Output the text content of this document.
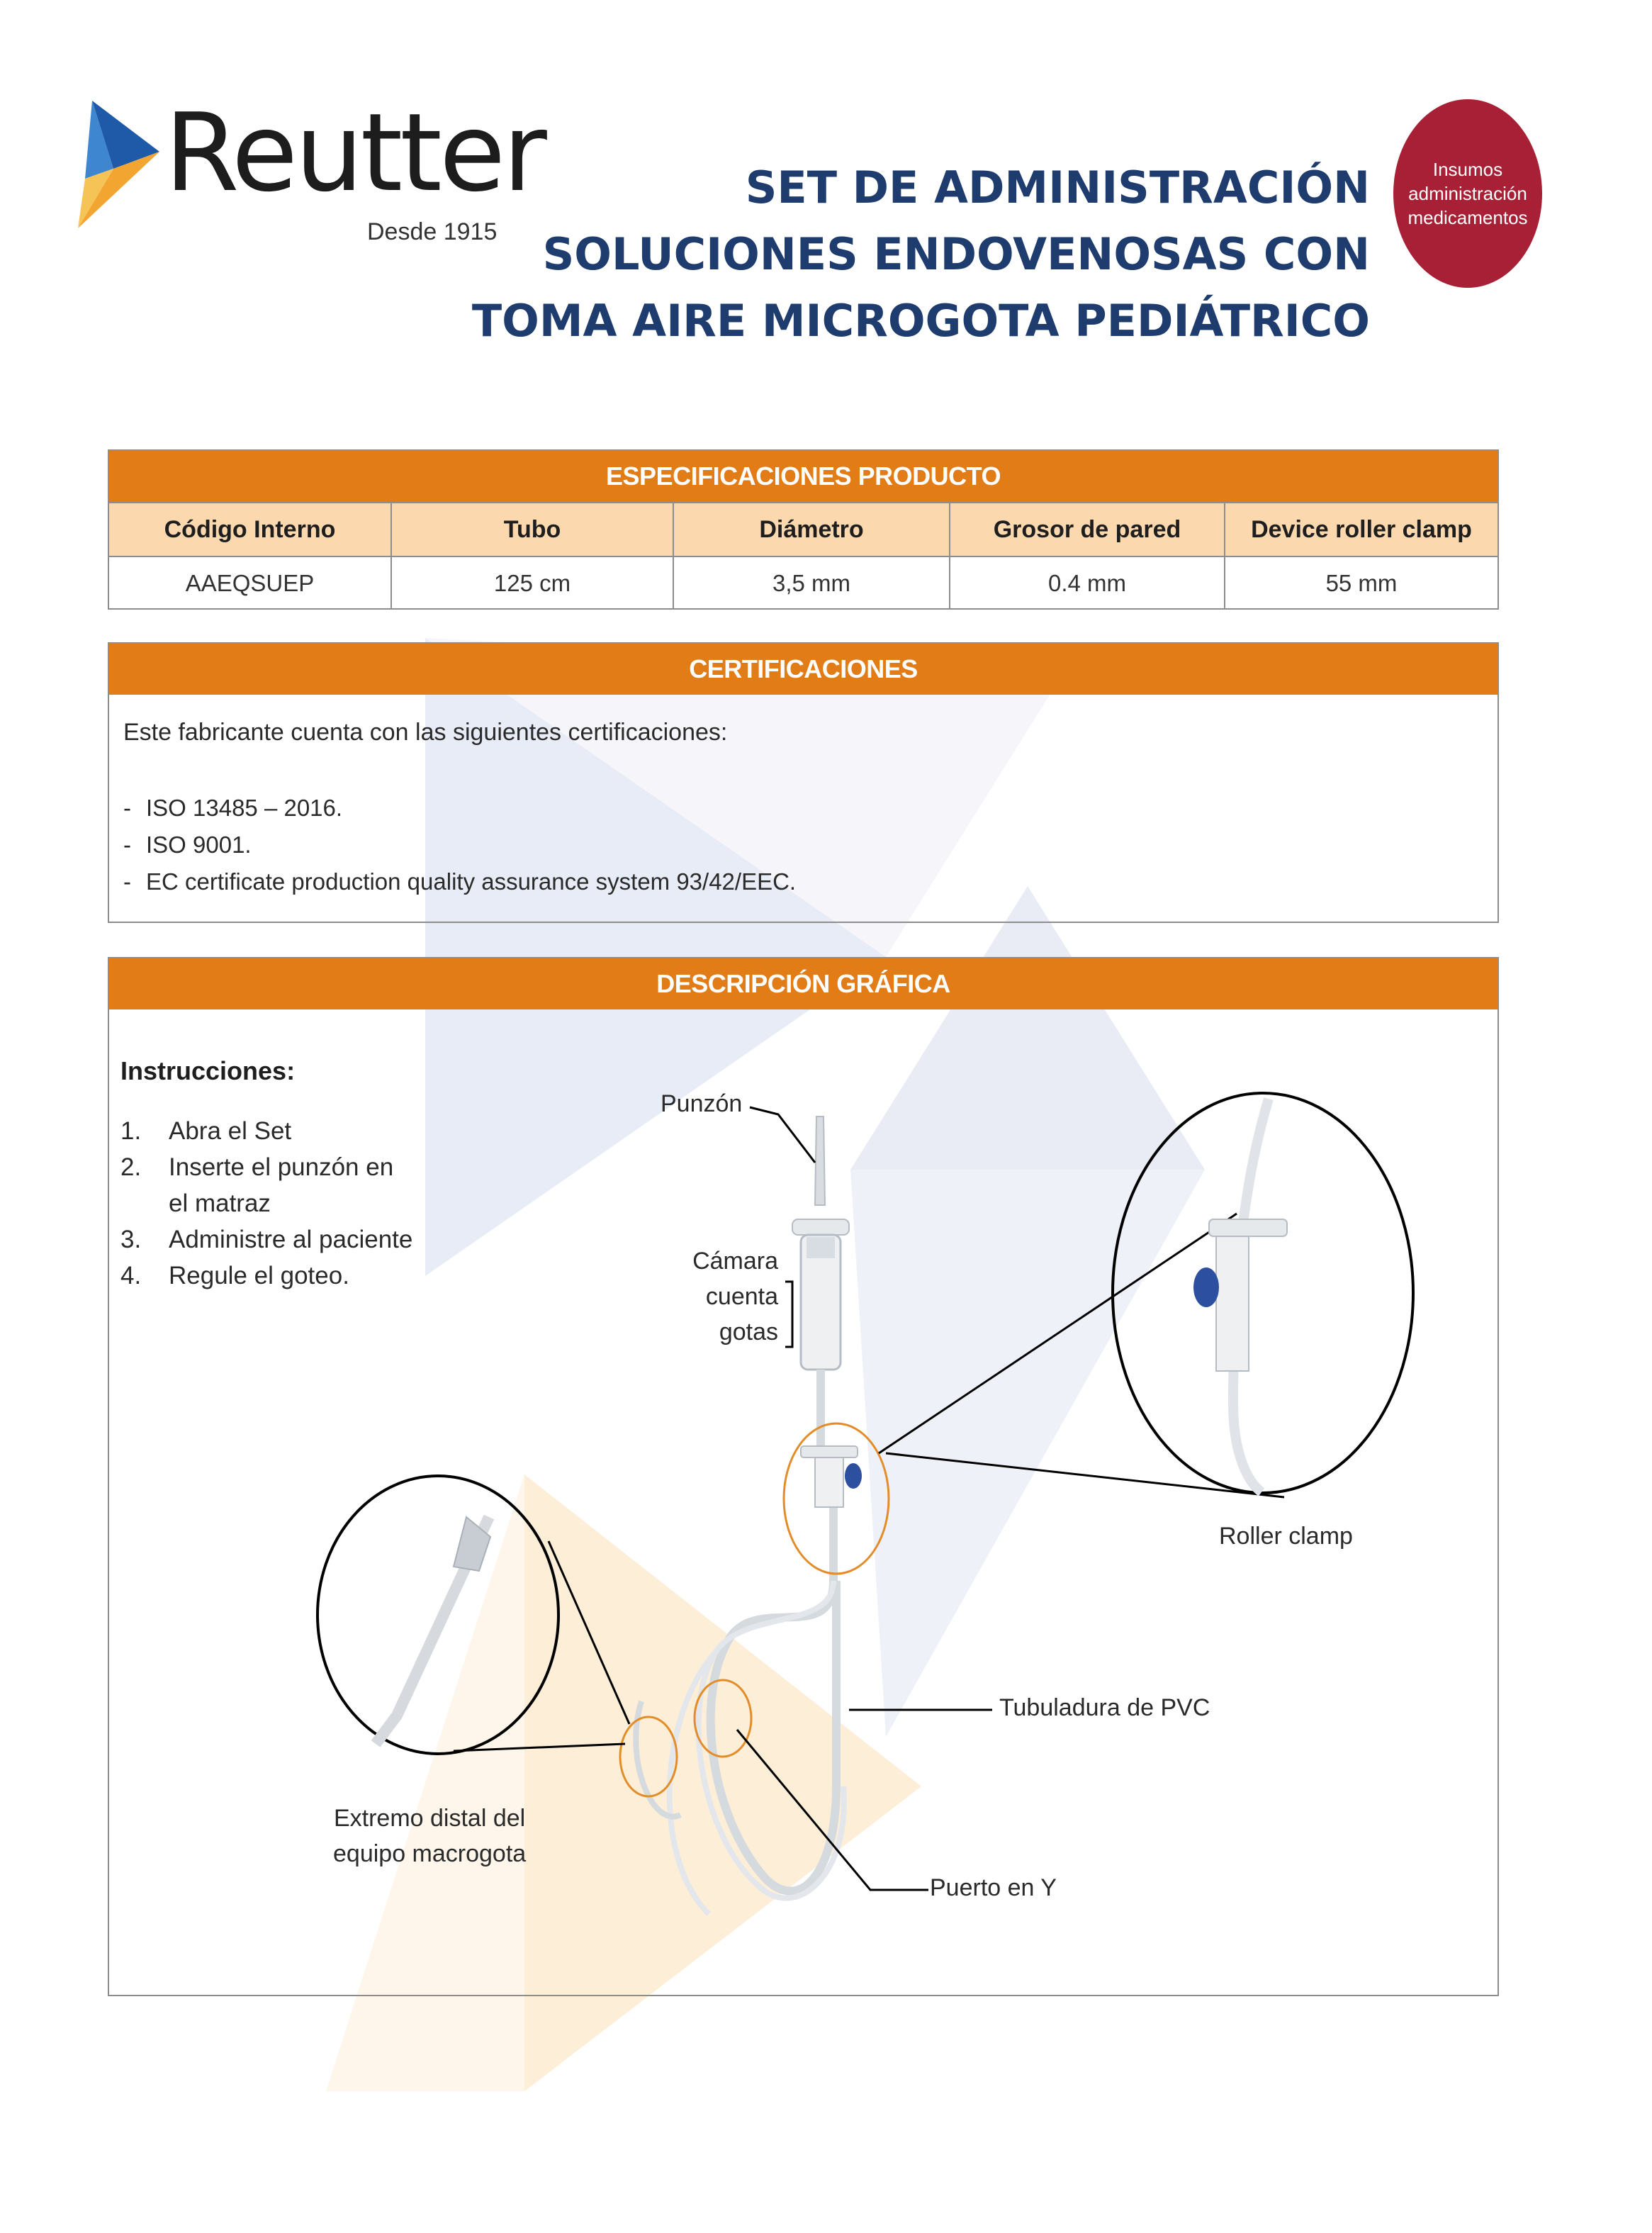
Reutter
Desde 1915
SET DE ADMINISTRACIÓN
SOLUCIONES ENDOVENOSAS CON
TOMA AIRE MICROGOTA PEDIÁTRICO
Insumos
administración
medicamentos
ESPECIFICACIONES PRODUCTO
Código Interno	Tubo	Diámetro	Grosor de pared	Device roller clamp
AAEQSUEP	125 cm	3,5 mm	0.4 mm	55 mm
CERTIFICACIONES
Este fabricante cuenta con las siguientes certificaciones:
- ISO 13485 – 2016.
- ISO 9001.
- EC certificate production quality assurance system 93/42/EEC.
DESCRIPCIÓN GRÁFICA
Instrucciones:
1.	Abra el Set
2.	Inserte el punzón en el matraz
3.	Administre al paciente
4.	Regule el goteo.
Punzón
Cámara
cuenta
gotas
Roller clamp
Tubuladura de PVC
Extremo distal del
equipo macrogota
Puerto en Y
